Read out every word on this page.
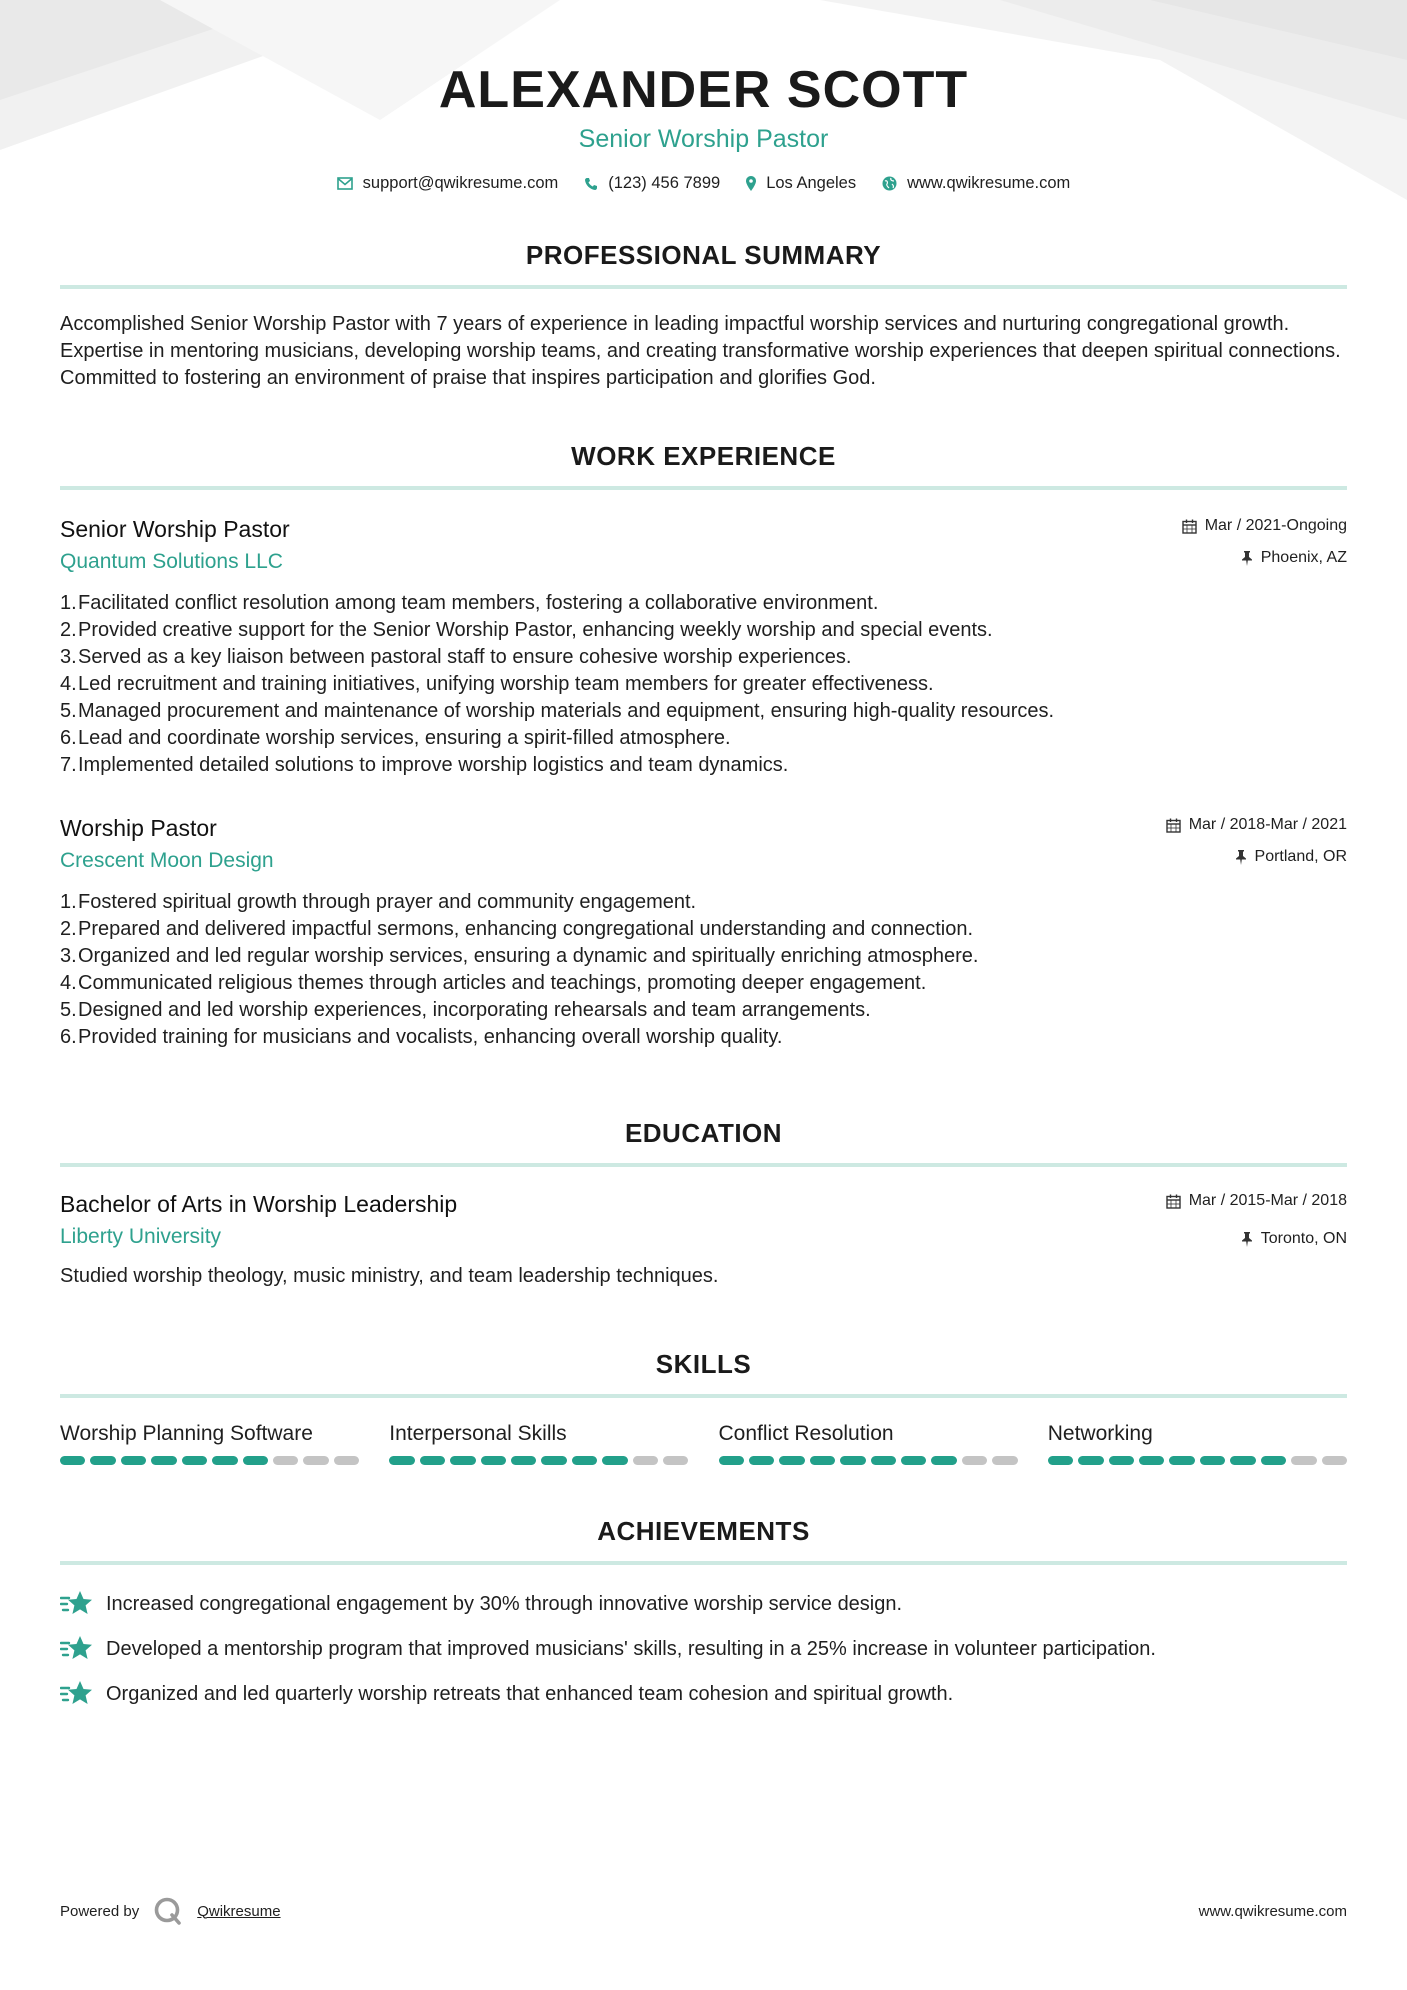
ALEXANDER SCOTT
Senior Worship Pastor
support@qwikresume.com	(123) 456 7899	Los Angeles	www.qwikresume.com
PROFESSIONAL SUMMARY

Accomplished Senior Worship Pastor with 7 years of experience in leading impactful worship services and nurturing congregational growth. Expertise in mentoring musicians, developing worship teams, and creating transformative worship experiences that deepen spiritual connections. Committed to fostering an environment of praise that inspires participation and glorifies God.

WORK EXPERIENCE
Senior Worship Pastor
Quantum Solutions LLC
Mar / 2021-Ongoing
Phoenix, AZ
1. Facilitated conflict resolution among team members, fostering a collaborative environment.
2. Provided creative support for the Senior Worship Pastor, enhancing weekly worship and special events.
3. Served as a key liaison between pastoral staff to ensure cohesive worship experiences.
4. Led recruitment and training initiatives, unifying worship team members for greater effectiveness.
5. Managed procurement and maintenance of worship materials and equipment, ensuring high-quality resources.
6. Lead and coordinate worship services, ensuring a spirit-filled atmosphere.
7. Implemented detailed solutions to improve worship logistics and team dynamics.
Worship Pastor
Crescent Moon Design
Mar / 2018-Mar / 2021
Portland, OR
1. Fostered spiritual growth through prayer and community engagement.
2. Prepared and delivered impactful sermons, enhancing congregational understanding and connection.
3. Organized and led regular worship services, ensuring a dynamic and spiritually enriching atmosphere.
4. Communicated religious themes through articles and teachings, promoting deeper engagement.
5. Designed and led worship experiences, incorporating rehearsals and team arrangements.
6. Provided training for musicians and vocalists, enhancing overall worship quality.
EDUCATION
Bachelor of Arts in Worship Leadership
Liberty University
Mar / 2015-Mar / 2018
Toronto, ON

Studied worship theology, music ministry, and team leadership techniques.

SKILLS
Worship Planning Software	Interpersonal Skills	Conflict Resolution	Networking
ACHIEVEMENTS
Increased congregational engagement by 30% through innovative worship service design.
Developed a mentorship program that improved musicians' skills, resulting in a 25% increase in volunteer participation.
Organized and led quarterly worship retreats that enhanced team cohesion and spiritual growth.
Powered by	Qwikresume	www.qwikresume.com
